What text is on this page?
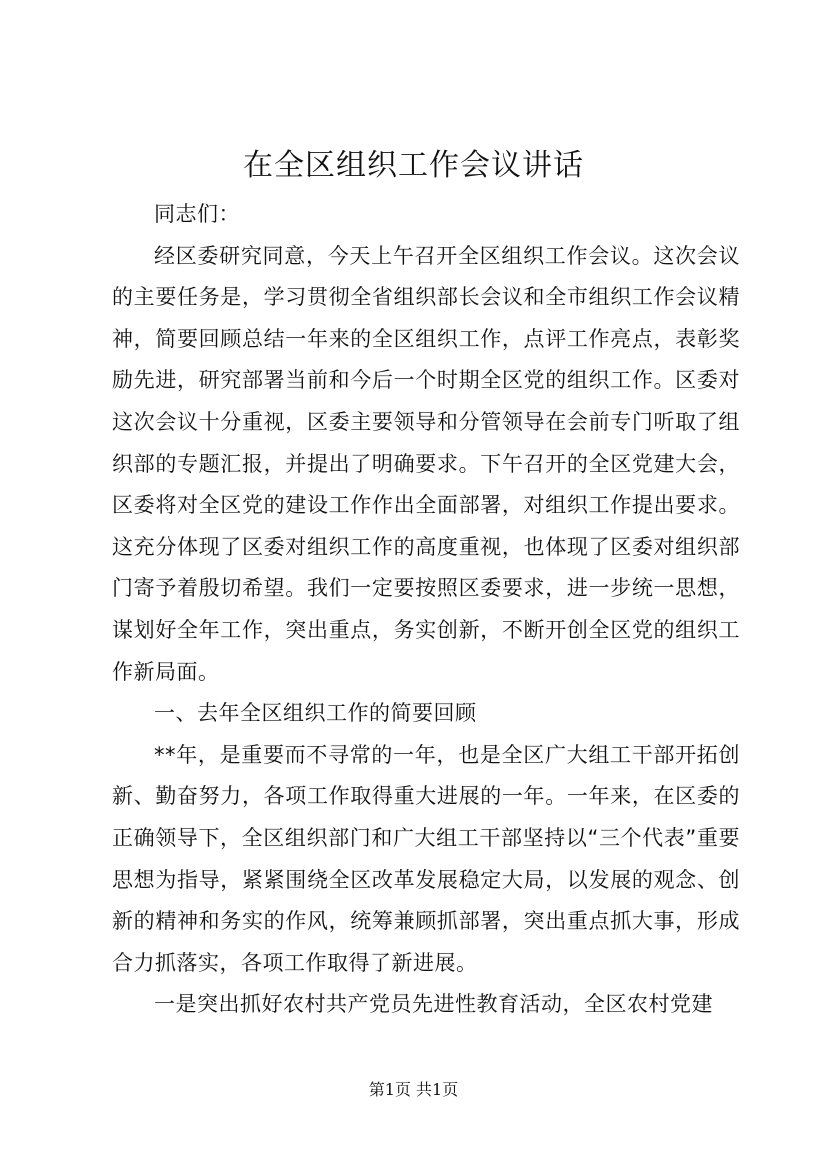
在全区组织工作会议讲话

同志们：

经区委研究同意，今天上午召开全区组织工作会议。这次会议的主要任务是，学习贯彻全省组织部长会议和全市组织工作会议精神，简要回顾总结一年来的全区组织工作，点评工作亮点，表彰奖励先进，研究部署当前和今后一个时期全区党的组织工作。区委对这次会议十分重视，区委主要领导和分管领导在会前专门听取了组织部的专题汇报，并提出了明确要求。下午召开的全区党建大会，区委将对全区党的建设工作作出全面部署，对组织工作提出要求。这充分体现了区委对组织工作的高度重视，也体现了区委对组织部门寄予着殷切希望。我们一定要按照区委要求，进一步统一思想，谋划好全年工作，突出重点，务实创新，不断开创全区党的组织工作新局面。

一、去年全区组织工作的简要回顾

**年，是重要而不寻常的一年，也是全区广大组工干部开拓创新、勤奋努力，各项工作取得重大进展的一年。一年来，在区委的正确领导下，全区组织部门和广大组工干部坚持以“三个代表”重要思想为指导，紧紧围绕全区改革发展稳定大局，以发展的观念、创新的精神和务实的作风，统筹兼顾抓部署，突出重点抓大事，形成合力抓落实，各项工作取得了新进展。

一是突出抓好农村共产党员先进性教育活动，全区农村党建

第1页 共1页
